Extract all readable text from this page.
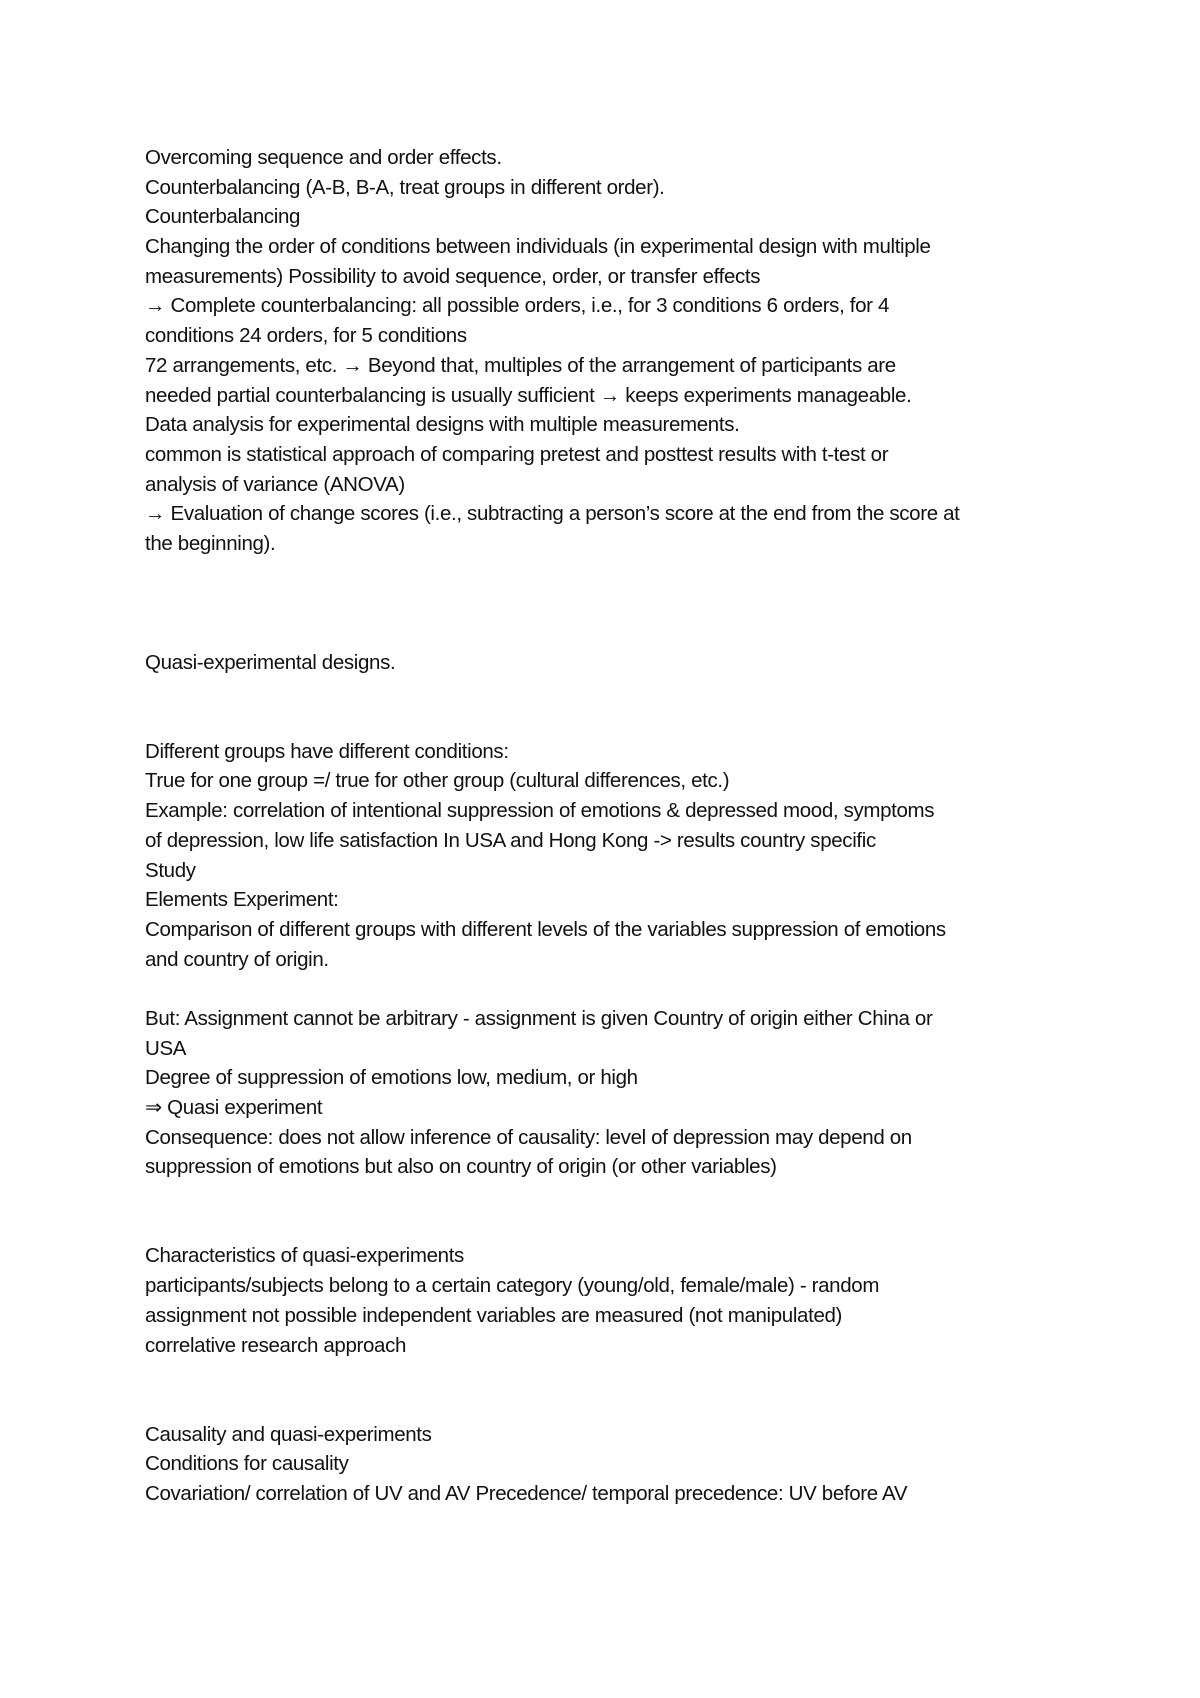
Overcoming sequence and order effects.
Counterbalancing (A-B, B-A, treat groups in different order).
Counterbalancing
Changing the order of conditions between individuals (in experimental design with multiple
measurements) Possibility to avoid sequence, order, or transfer effects
→ Complete counterbalancing: all possible orders, i.e., for 3 conditions 6 orders, for 4
conditions 24 orders, for 5 conditions
72 arrangements, etc. → Beyond that, multiples of the arrangement of participants are
needed partial counterbalancing is usually sufficient → keeps experiments manageable.
Data analysis for experimental designs with multiple measurements.
common is statistical approach of comparing pretest and posttest results with t-test or
analysis of variance (ANOVA)
→ Evaluation of change scores (i.e., subtracting a person’s score at the end from the score at
the beginning).
Quasi-experimental designs.
Different groups have different conditions:
True for one group =/ true for other group (cultural differences, etc.)
Example: correlation of intentional suppression of emotions & depressed mood, symptoms
of depression, low life satisfaction In USA and Hong Kong -> results country specific
Study
Elements Experiment:
Comparison of different groups with different levels of the variables suppression of emotions
and country of origin.
But: Assignment cannot be arbitrary - assignment is given Country of origin either China or
USA
Degree of suppression of emotions low, medium, or high
⇒ Quasi experiment
Consequence: does not allow inference of causality: level of depression may depend on
suppression of emotions but also on country of origin (or other variables)
Characteristics of quasi-experiments
participants/subjects belong to a certain category (young/old, female/male) - random
assignment not possible independent variables are measured (not manipulated)
correlative research approach
Causality and quasi-experiments
Conditions for causality
Covariation/ correlation of UV and AV Precedence/ temporal precedence: UV before AV
